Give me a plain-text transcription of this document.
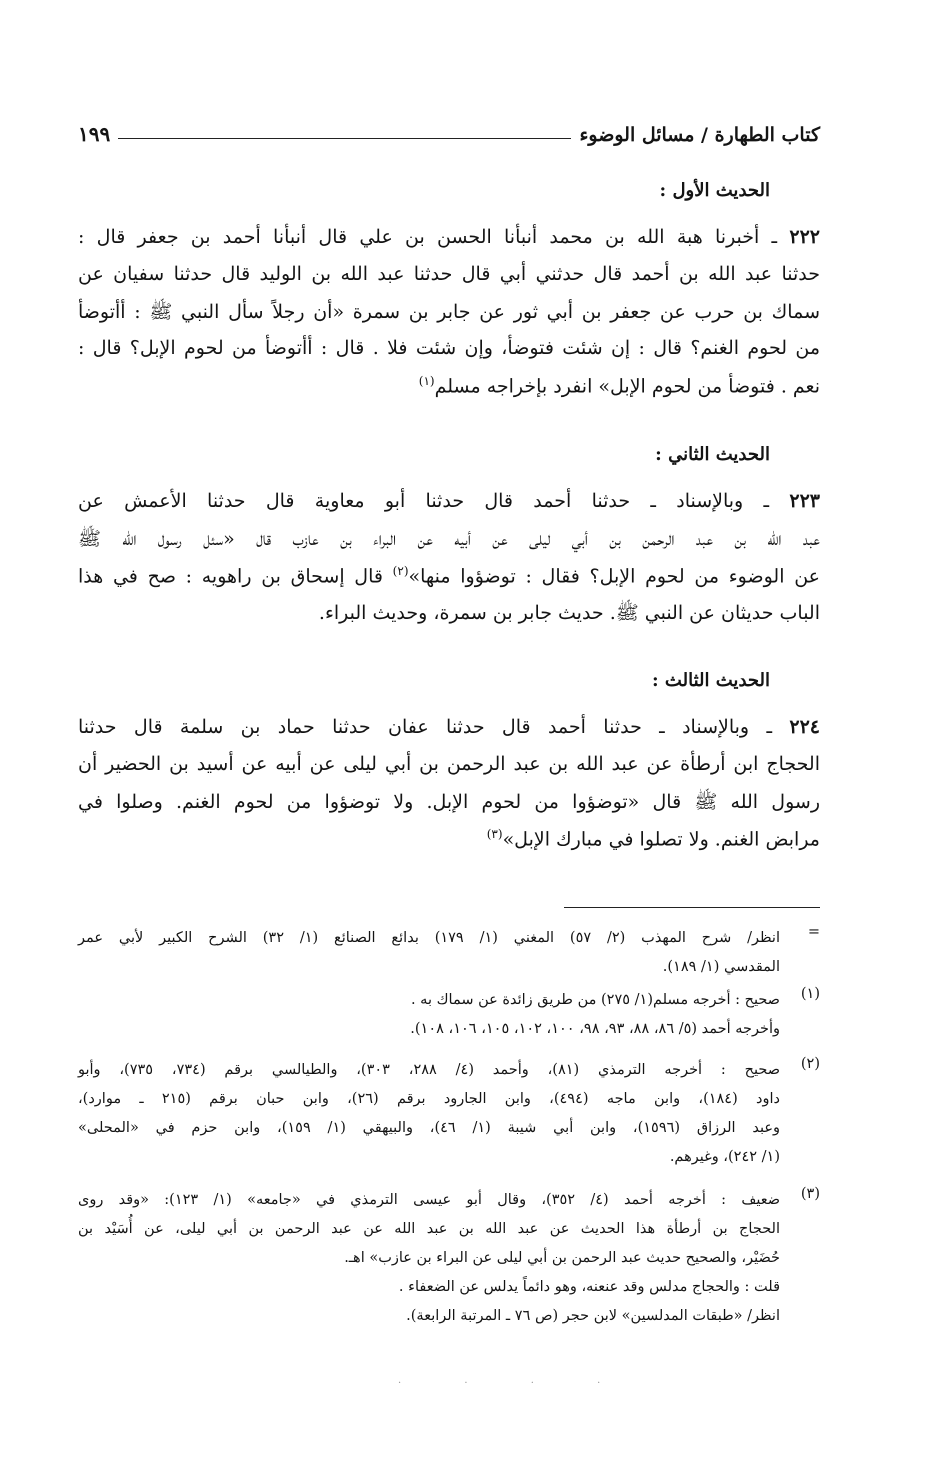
كتاب الطهارة / مسائل الوضوء
١٩٩
الحديث الأول :
٢٢٢ ـ أخبرنا هبة الله بن محمد أنبأنا الحسن بن علي قال أنبأنا أحمد بن جعفر قال :
حدثنا عبد الله بن أحمد قال حدثني أبي قال حدثنا عبد الله بن الوليد قال حدثنا سفيان عن
سماك بن حرب عن جعفر بن أبي ثور عن جابر بن سمرة «أن رجلاً سأل النبي ﷺ : أأتوضأ
من لحوم الغنم؟ قال : إن شئت فتوضأ، وإن شئت فلا . قال : أأتوضأ من لحوم الإبل؟ قال :
نعم . فتوضأ من لحوم الإبل» انفرد بإخراجه مسلم$^{(١)}$
الحديث الثاني :
٢٢٣ ـ وبالإسناد ـ حدثنا أحمد قال حدثنا أبو معاوية قال حدثنا الأعمش عن
عبد الله بن عبد الرحمن بن أبي ليلى عن أبيه عن البراء بن عازب قال «سئل رسول الله ﷺ
عن الوضوء من لحوم الإبل؟ فقال : توضؤوا منها»$^{(٢)}$ قال إسحاق بن راهويه : صح في هذا
الباب حديثان عن النبي ﷺ. حديث جابر بن سمرة، وحديث البراء.
الحديث الثالث :
٢٢٤ ـ وبالإسناد ـ حدثنا أحمد قال حدثنا عفان حدثنا حماد بن سلمة قال حدثنا
الحجاج ابن أرطأة عن عبد الله بن عبد الرحمن بن أبي ليلى عن أبيه عن أسيد بن الحضير أن
رسول الله ﷺ قال «توضؤوا من لحوم الإبل. ولا توضؤوا من لحوم الغنم. وصلوا في
مرابض الغنم. ولا تصلوا في مبارك الإبل»$^{(٣)}$
=
انظر/ شرح المهذب (٢/ ٥٧) المغني (١/ ١٧٩) بدائع الصنائع (١/ ٣٢) الشرح الكبير لأبي عمر
المقدسي (١/ ١٨٩).
(١)
صحيح : أخرجه مسلم(١/ ٢٧٥) من طريق زائدة عن سماك به .
وأخرجه أحمد (٥/ ٨٦، ٨٨، ٩٣، ٩٨، ١٠٠، ١٠٢، ١٠٥، ١٠٦، ١٠٨).
(٢)
صحيح : أخرجه الترمذي (٨١)، وأحمد (٤/ ٢٨٨، ٣٠٣)، والطيالسي برقم (٧٣٤، ٧٣٥)، وأبو
داود (١٨٤)، وابن ماجه (٤٩٤)، وابن الجارود برقم (٢٦)، وابن حبان برقم (٢١٥ ـ موارد)،
وعبد الرزاق (١٥٩٦)، وابن أبي شيبة (١/ ٤٦)، والبيهقي (١/ ١٥٩)، وابن حزم في «المحلى»
(١/ ٢٤٢)، وغيرهم.
(٣)
ضعيف : أخرجه أحمد (٤/ ٣٥٢)، وقال أبو عيسى الترمذي في «جامعه» (١/ ١٢٣): «وقد روى
الحجاج بن أرطأة هذا الحديث عن عبد الله بن عبد الله عن عبد الرحمن بن أبي ليلى، عن أُسَيْد بن
حُضَيْر، والصحيح حديث عبد الرحمن بن أبي ليلى عن البراء بن عازب» اهـ.
قلت : والحجاج مدلس وقد عنعنه، وهو دائماً يدلس عن الضعفاء .
انظر/ «طبقات المدلسين» لابن حجر (ص ٧٦ ـ المرتبة الرابعة).
· · · ·
